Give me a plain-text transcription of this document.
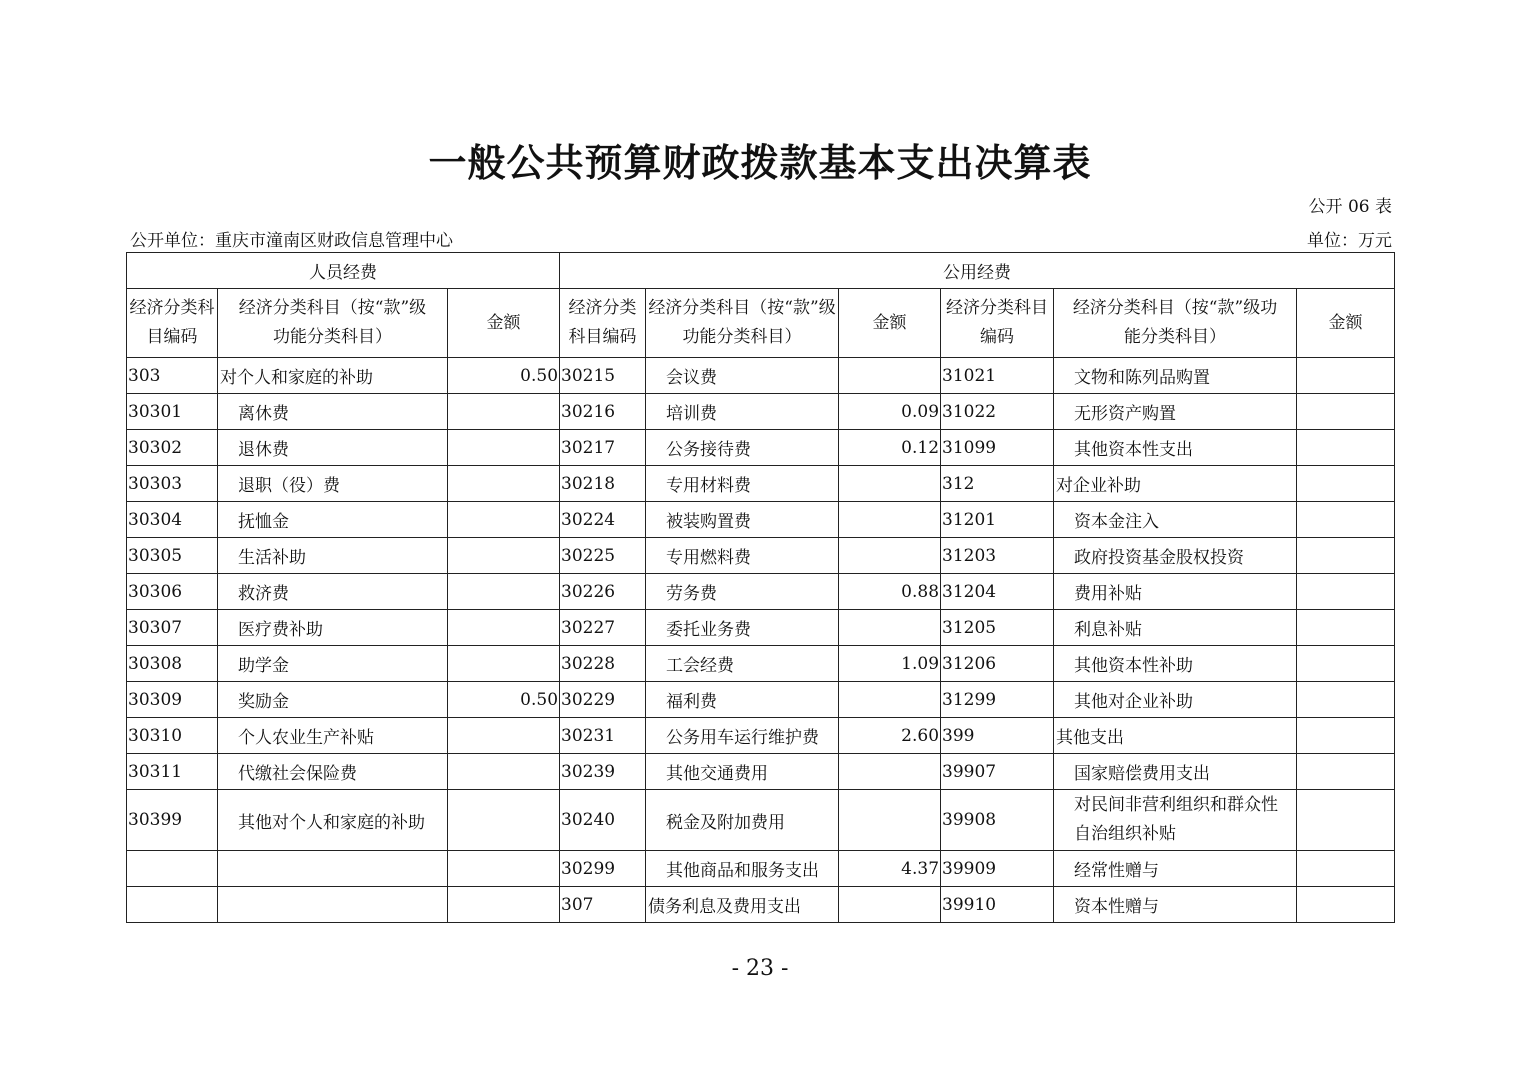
一般公共预算财政拨款基本支出决算表
公开 06 表
公开单位：重庆市潼南区财政信息管理中心	单位：万元
人员经费			公用经费					
经济分类科目编码	经济分类科目（按“款”级功能分类科目）	金额	经济分类科目编码	经济分类科目（按“款”级功能分类科目）	金额	经济分类科目编码	经济分类科目（按“款”级功能分类科目）	金额
303	对个人和家庭的补助	0.50	30215	会议费		31021	文物和陈列品购置	
30301	离休费		30216	培训费	0.09	31022	无形资产购置	
30302	退休费		30217	公务接待费	0.12	31099	其他资本性支出	
30303	退职（役）费		30218	专用材料费		312	对企业补助	
30304	抚恤金		30224	被装购置费		31201	资本金注入	
30305	生活补助		30225	专用燃料费		31203	政府投资基金股权投资	
30306	救济费		30226	劳务费	0.88	31204	费用补贴	
30307	医疗费补助		30227	委托业务费		31205	利息补贴	
30308	助学金		30228	工会经费	1.09	31206	其他资本性补助	
30309	奖励金	0.50	30229	福利费		31299	其他对企业补助	
30310	个人农业生产补贴		30231	公务用车运行维护费	2.60	399	其他支出	
30311	代缴社会保险费		30239	其他交通费用		39907	国家赔偿费用支出	
30399	其他对个人和家庭的补助		30240	税金及附加费用		39908	对民间非营利组织和群众性自治组织补贴	
			30299	其他商品和服务支出	4.37	39909	经常性赠与	
			307	债务利息及费用支出		39910	资本性赠与	
- 23 -
